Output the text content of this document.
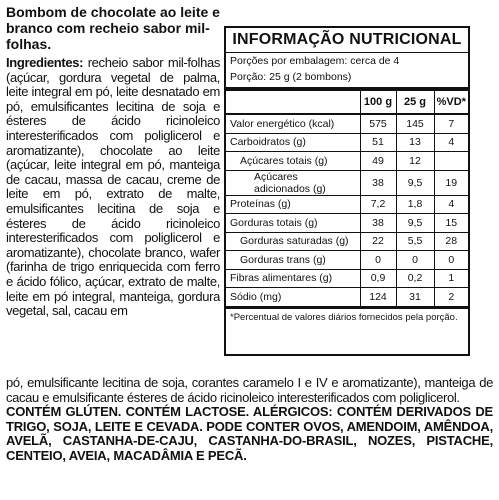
Bombom de chocolate ao leite e branco com recheio sabor mil-folhas.
Ingredientes: recheio sabor mil-folhas (açúcar, gordura vegetal de palma, leite integral em pó, leite desnatado em pó, emulsificantes lecitina de soja e ésteres de ácido ricinoleico interesterificados com poliglicerol e aromatizante), chocolate ao leite (açúcar, leite integral em pó, manteiga de cacau, massa de cacau, creme de leite em pó, extrato de malte, emulsificantes lecitina de soja e ésteres de ácido ricinoleico interesterificados com poliglicerol e aromatizante), chocolate branco, wafer (farinha de trigo enriquecida com ferro e ácido fólico, açúcar, extrato de malte, leite em pó integral, manteiga, gordura vegetal, sal, cacau em
INFORMAÇÃO NUTRICIONAL
Porções por embalagem: cerca de 4
Porção: 25 g (2 bombons)
	100 g	25 g	%VD*
Valor energético (kcal)	575	145	7
Carboidratos (g)	51	13	4
Açúcares totais (g)	49	12	
Açúcares adicionados (g)	38	9,5	19
Proteínas (g)	7,2	1,8	4
Gorduras totais (g)	38	9,5	15
Gorduras saturadas (g)	22	5,5	28
Gorduras trans (g)	0	0	0
Fibras alimentares (g)	0,9	0,2	1
Sódio (mg)	124	31	2
*Percentual de valores diários fornecidos pela porção.
pó, emulsificante lecitina de soja, corantes caramelo I e IV e aromatizante), manteiga de cacau e emulsificante ésteres de ácido ricinoleico interesterificados com poliglicerol.
CONTÉM GLÚTEN. CONTÉM LACTOSE. ALÉRGICOS: CONTÉM DERIVADOS DE TRIGO, SOJA, LEITE E CEVADA. PODE CONTER OVOS, AMENDOIM, AMÊNDOA, AVELÃ, CASTANHA-DE-CAJU, CASTANHA-DO-BRASIL, NOZES, PISTACHE, CENTEIO, AVEIA, MACADÂMIA E PECÃ.
